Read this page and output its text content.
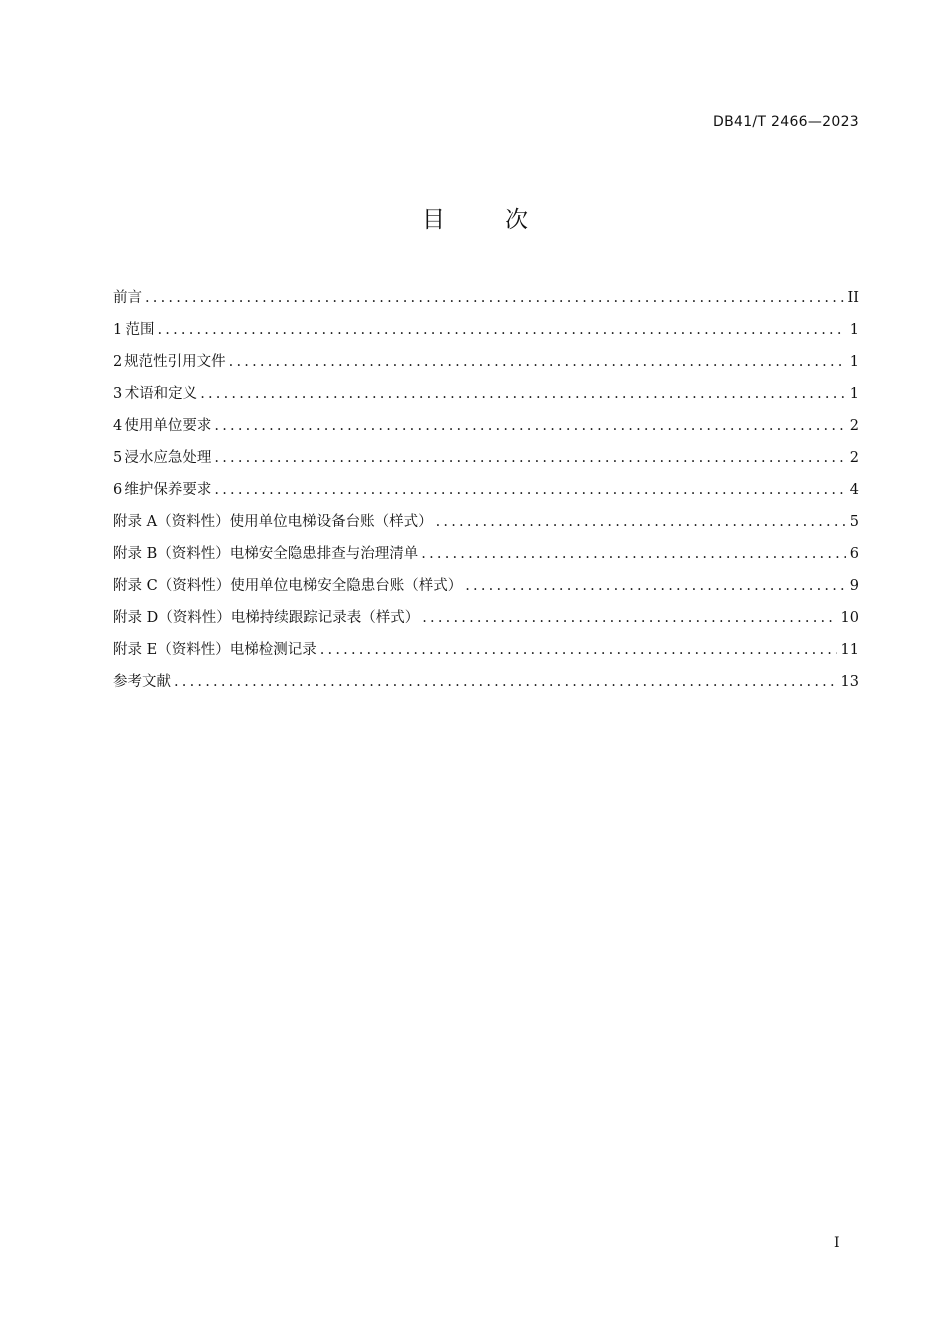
DB41/T 2466—2023
目	次
前言 .....	II
1 范围 .....	1
2 规范性引用文件 .....	1
3 术语和定义 .....	1
4 使用单位要求 .....	2
5 浸水应急处理 .....	2
6 维护保养要求 .....	4
附录 A（资料性） 使用单位电梯设备台账（样式） .....	5
附录 B（资料性） 电梯安全隐患排查与治理清单 .....	6
附录 C（资料性） 使用单位电梯安全隐患台账（样式） .....	9
附录 D（资料性） 电梯持续跟踪记录表（样式） .....	10
附录 E（资料性） 电梯检测记录 .....	11
参考文献 .....	13
I
